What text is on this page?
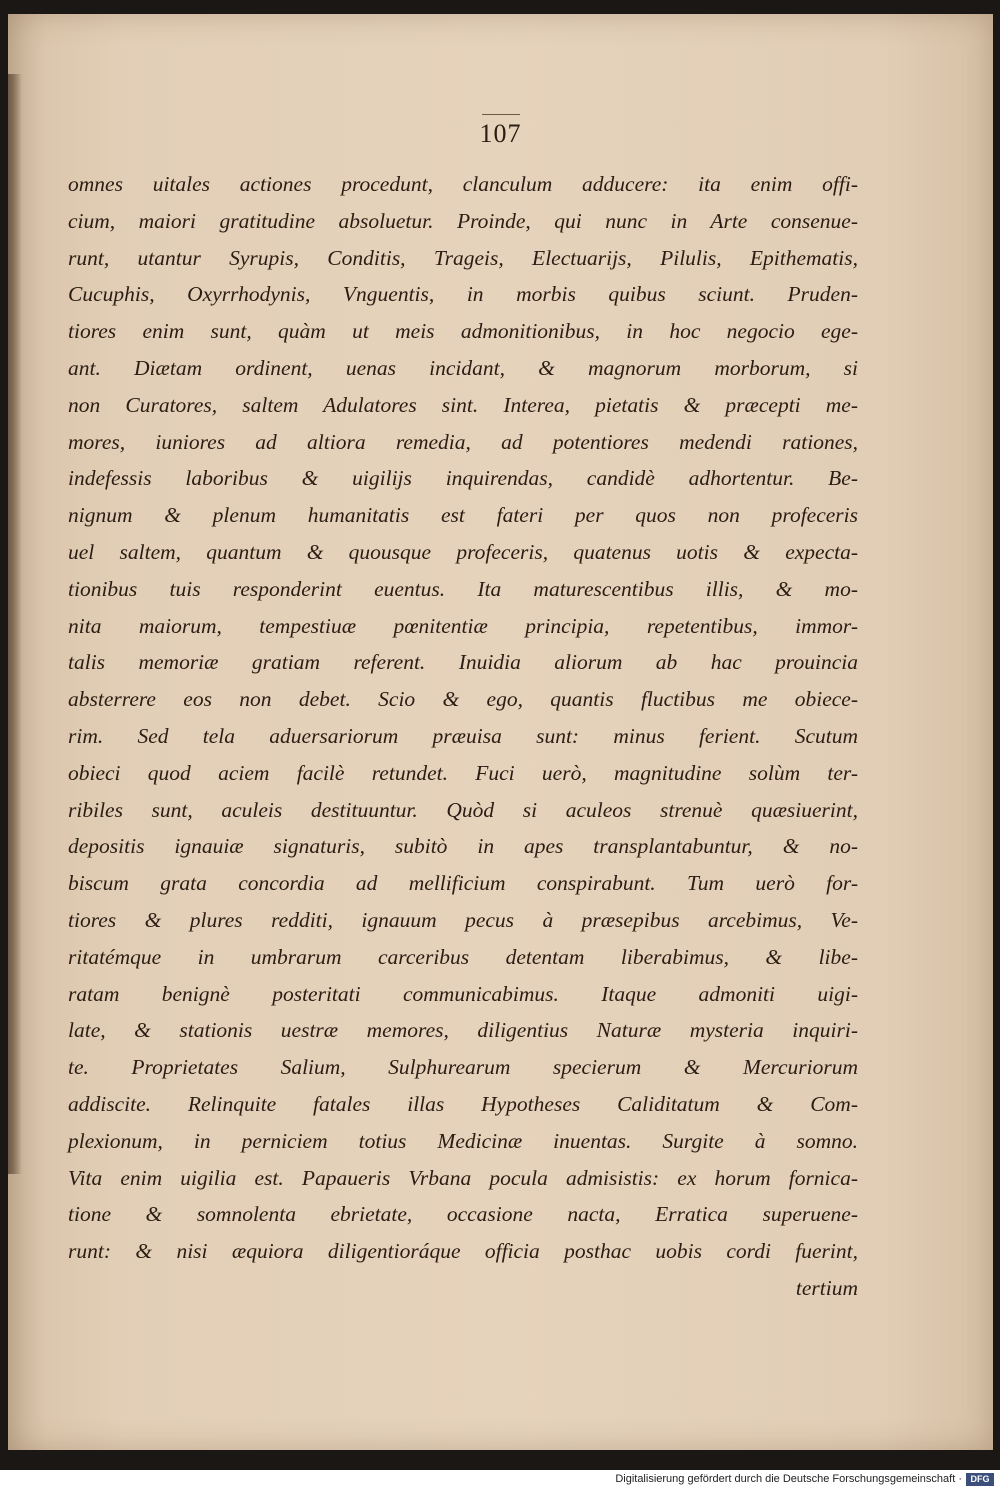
107
omnes uitales actiones procedunt, clanculum adducere: ita enim offi-
cium, maiori gratitudine absoluetur. Proinde, qui nunc in Arte consenue-
runt, utantur Syrupis, Conditis, Trageis, Electuarijs, Pilulis, Epithematis,
Cucuphis, Oxyrrhodynis, Vnguentis, in morbis quibus sciunt. Pruden-
tiores enim sunt, quàm ut meis admonitionibus, in hoc negocio ege-
ant. Diætam ordinent, uenas incidant, & magnorum morborum, si
non Curatores, saltem Adulatores sint. Interea, pietatis & præcepti me-
mores, iuniores ad altiora remedia, ad potentiores medendi rationes,
indefessis laboribus & uigilijs inquirendas, candidè adhortentur. Be-
nignum & plenum humanitatis est fateri per quos non profeceris
uel saltem, quantum & quousque profeceris, quatenus uotis & expecta-
tionibus tuis responderint euentus. Ita maturescentibus illis, & mo-
nita maiorum, tempestiuæ pœnitentiæ principia, repetentibus, immor-
talis memoriæ gratiam referent. Inuidia aliorum ab hac prouincia
absterrere eos non debet. Scio & ego, quantis fluctibus me obiece-
rim. Sed tela aduersariorum præuisa sunt: minus ferient. Scutum
obieci quod aciem facilè retundet. Fuci uerò, magnitudine solùm ter-
ribiles sunt, aculeis destituuntur. Quòd si aculeos strenuè quæsiuerint,
depositis ignauiæ signaturis, subitò in apes transplantabuntur, & no-
biscum grata concordia ad mellificium conspirabunt. Tum uerò for-
tiores & plures redditi, ignauum pecus à præsepibus arcebimus, Ve-
ritatémque in umbrarum carceribus detentam liberabimus, & libe-
ratam benignè posteritati communicabimus. Itaque admoniti uigi-
late, & stationis uestræ memores, diligentius Naturæ mysteria inquiri-
te. Proprietates Salium, Sulphurearum specierum & Mercuriorum
addiscite. Relinquite fatales illas Hypotheses Caliditatum & Com-
plexionum, in perniciem totius Medicinæ inuentas. Surgite à somno.
Vita enim uigilia est. Papaueris Vrbana pocula admisistis: ex horum fornica-
tione & somnolenta ebrietate, occasione nacta, Erratica superuene-
runt: & nisi æquiora diligentioráque officia posthac uobis cordi fuerint,
tertium
Digitalisierung gefördert durch die Deutsche Forschungsgemeinschaft · DFG
